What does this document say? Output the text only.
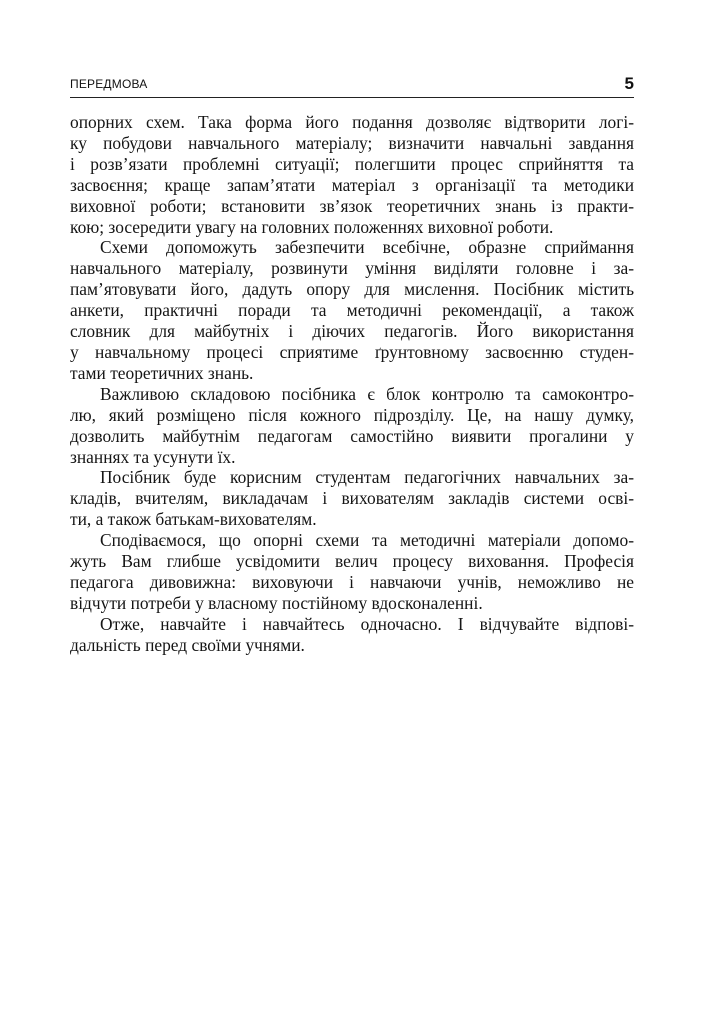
ПЕРЕДМОВА	5

опорних схем. Така форма його подання дозволяє відтворити логі-
ку побудови навчального матеріалу; визначити навчальні завдання
і розв’язати проблемні ситуації; полегшити процес сприйняття та
засвоєння; краще запам’ятати матеріал з організації та методики
виховної роботи; встановити зв’язок теоретичних знань із практи-
кою; зосередити увагу на головних положеннях виховної роботи.

Схеми допоможуть забезпечити всебічне, образне сприймання
навчального матеріалу, розвинути уміння виділяти головне і за-
пам’ятовувати його, дадуть опору для мислення. Посібник містить
анкети, практичні поради та методичні рекомендації, а також
словник для майбутніх і діючих педагогів. Його використання
у навчальному процесі сприятиме ґрунтовному засвоєнню студен-
тами теоретичних знань.

Важливою складовою посібника є блок контролю та самоконтро-
лю, який розміщено після кожного підрозділу. Це, на нашу думку,
дозволить майбутнім педагогам самостійно виявити прогалини у
знаннях та усунути їх.

Посібник буде корисним студентам педагогічних навчальних за-
кладів, вчителям, викладачам і вихователям закладів системи осві-
ти, а також батькам-вихователям.

Сподіваємося, що опорні схеми та методичні матеріали допомо-
жуть Вам глибше усвідомити велич процесу виховання. Професія
педагога дивовижна: виховуючи і навчаючи учнів, неможливо не
відчути потреби у власному постійному вдосконаленні.

Отже, навчайте і навчайтесь одночасно. І відчувайте відпові-
дальність перед своїми учнями.
